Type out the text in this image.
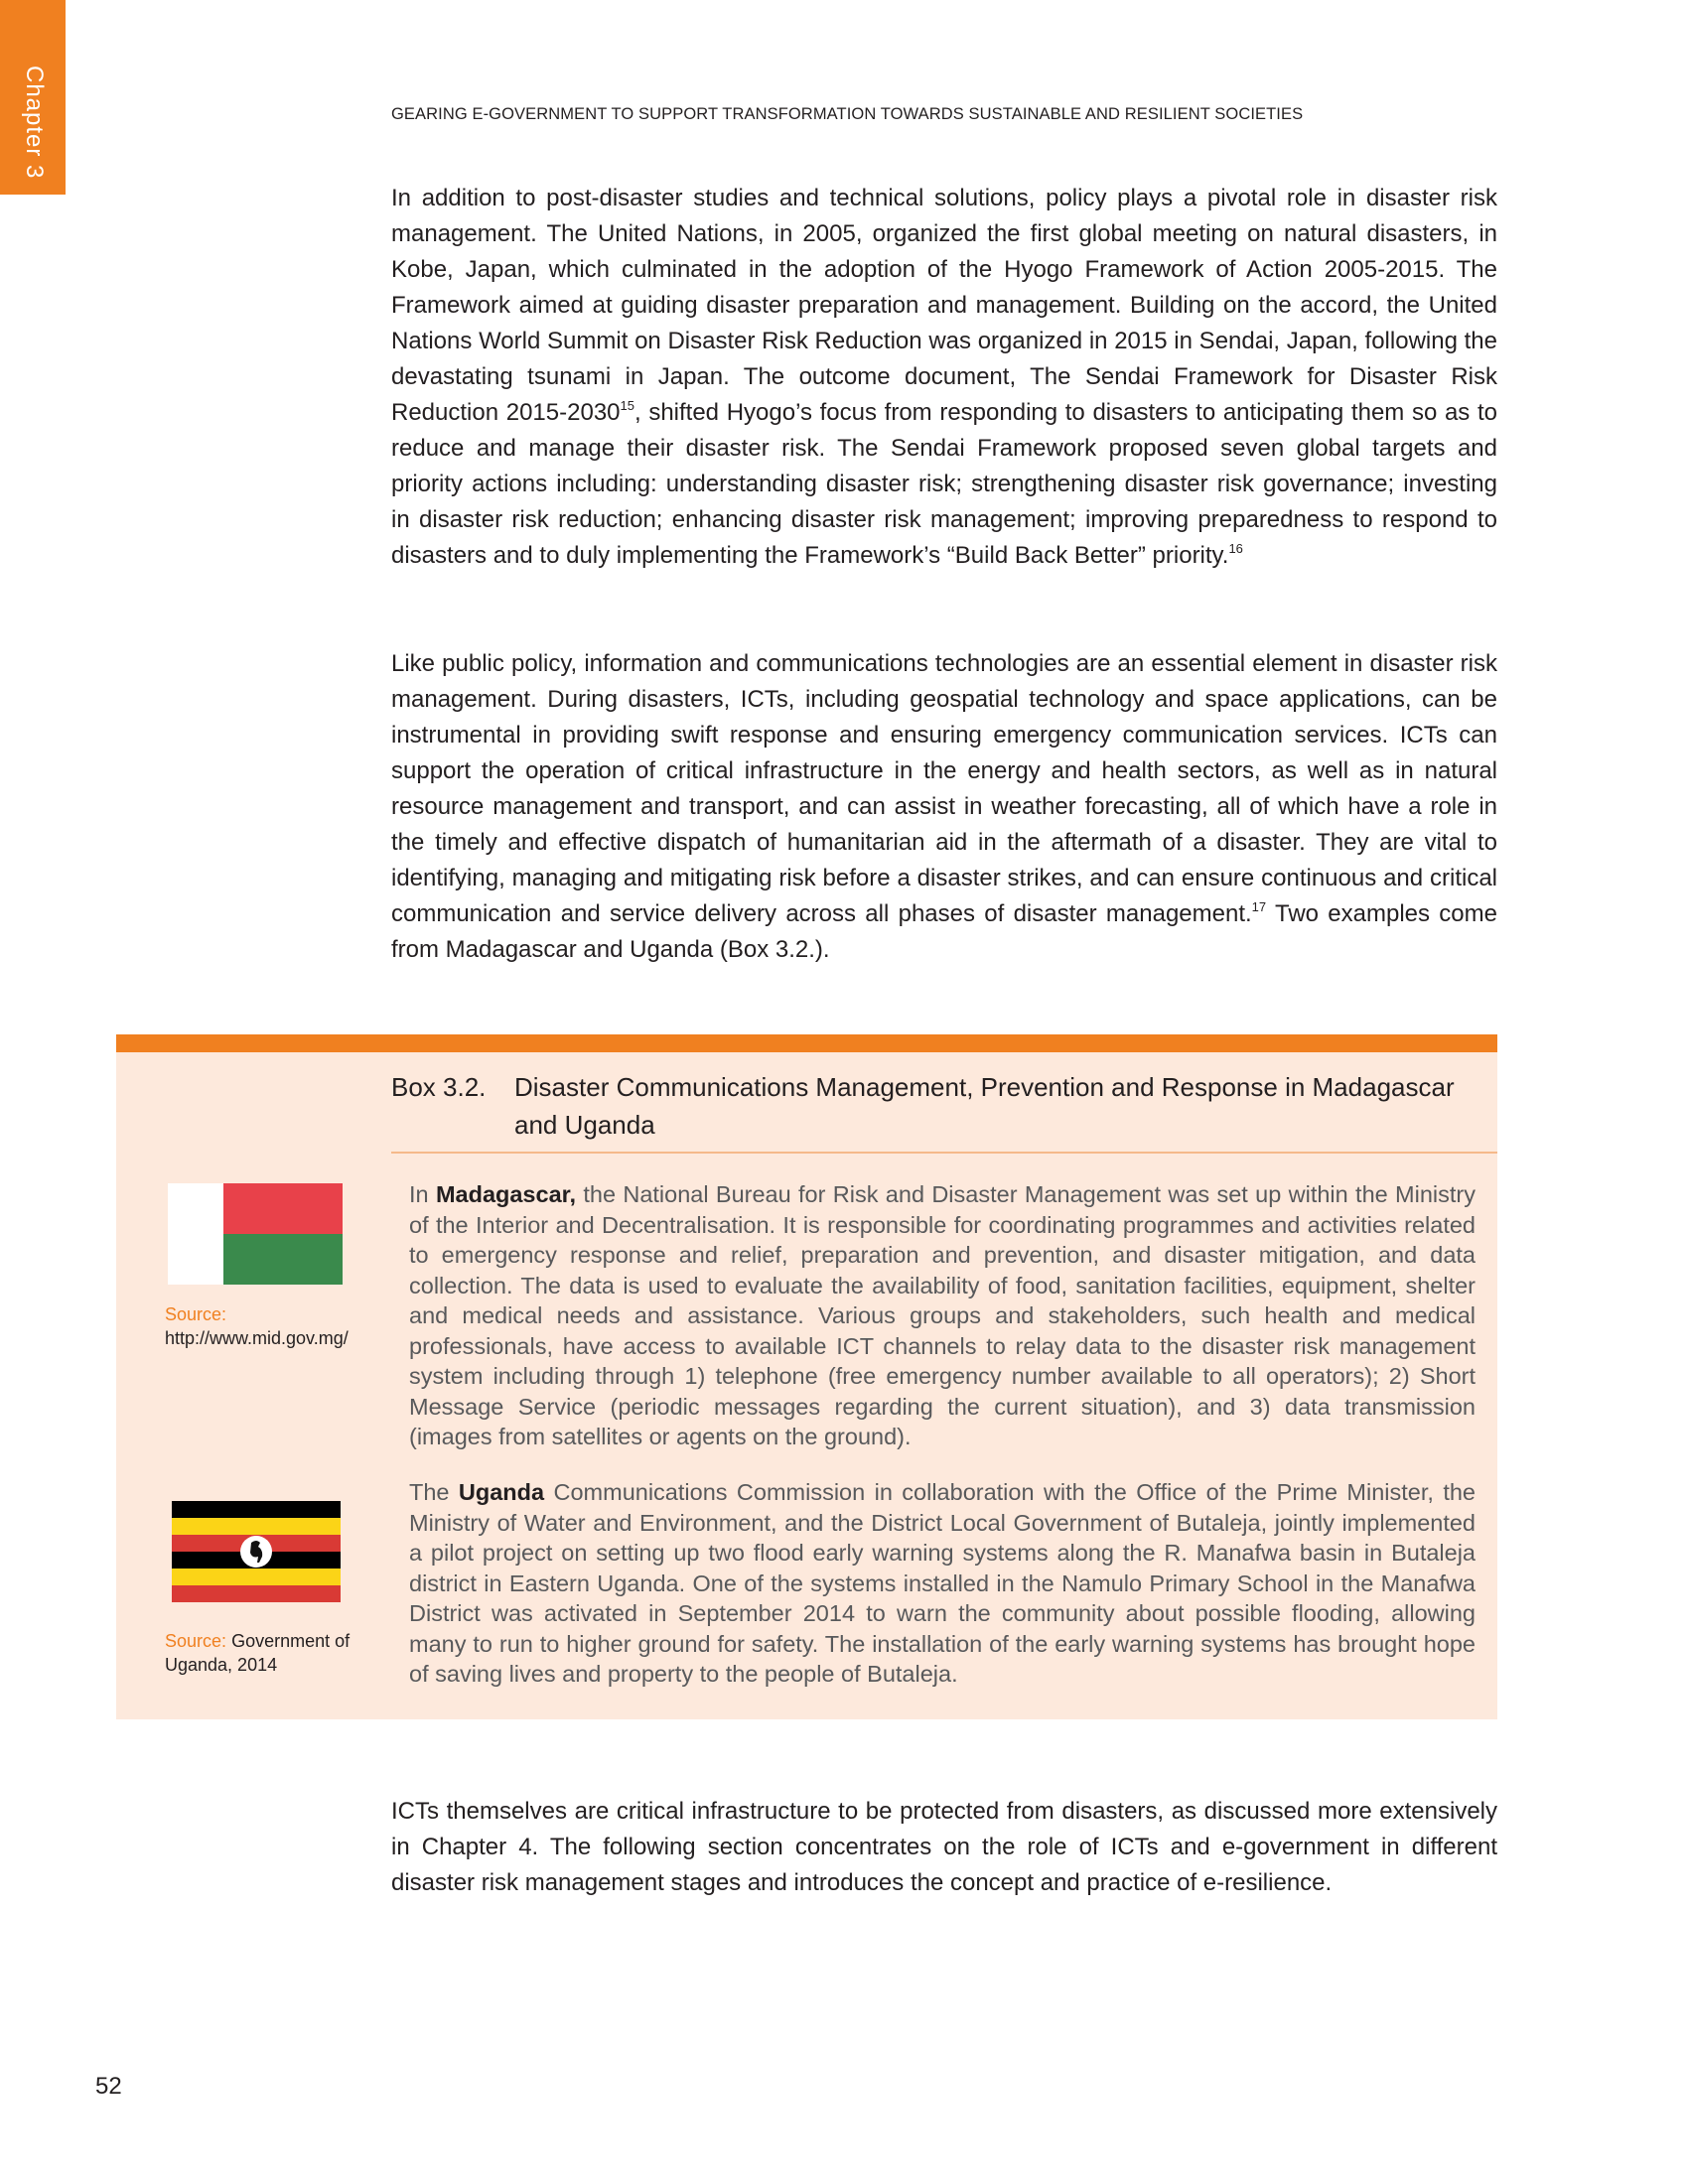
Chapter 3	GEARING E-GOVERNMENT TO SUPPORT TRANSFORMATION TOWARDS SUSTAINABLE AND RESILIENT SOCIETIES

In addition to post-disaster studies and technical solutions, policy plays a pivotal role in disaster risk management. The United Nations, in 2005, organized the first global meeting on natural disasters, in Kobe, Japan, which culminated in the adoption of the Hyogo Framework of Action 2005-2015. The Framework aimed at guiding disaster preparation and management. Building on the accord, the United Nations World Summit on Disaster Risk Reduction was organized in 2015 in Sendai, Japan, following the devastating tsunami in Japan. The outcome document, The Sendai Framework for Disaster Risk Reduction 2015-2030$^{15}$, shifted Hyogo’s focus from responding to disasters to anticipating them so as to reduce and manage their disaster risk. The Sendai Framework proposed seven global targets and priority actions including: understanding disaster risk; strengthening disaster risk governance; investing in disaster risk reduction; enhancing disaster risk management; improving preparedness to respond to disasters and to duly implementing the Framework’s “Build Back Better” priority.$^{16}$

Like public policy, information and communications technologies are an essential element in disaster risk management. During disasters, ICTs, including geospatial technology and space applications, can be instrumental in providing swift response and ensuring emergency communication services. ICTs can support the operation of critical infrastructure in the energy and health sectors, as well as in natural resource management and transport, and can assist in weather forecasting, all of which have a role in the timely and effective dispatch of humanitarian aid in the aftermath of a disaster. They are vital to identifying, managing and mitigating risk before a disaster strikes, and can ensure continuous and critical communication and service delivery across all phases of disaster management.$^{17}$ Two examples come from Madagascar and Uganda (Box 3.2.).

Box 3.2. Disaster Communications Management, Prevention and Response in Madagascar and Uganda
Source: http://www.mid.gov.mg/
Source: Government of Uganda, 2014

In Madagascar, the National Bureau for Risk and Disaster Management was set up within the Ministry of the Interior and Decentralisation. It is responsible for coordinating programmes and activities related to emergency response and relief, preparation and prevention, and disaster mitigation, and data collection. The data is used to evaluate the availability of food, sanitation facilities, equipment, shelter and medical needs and assistance. Various groups and stakeholders, such health and medical professionals, have access to available ICT channels to relay data to the disaster risk management system including through 1) telephone (free emergency number available to all operators); 2) Short Message Service (periodic messages regarding the current situation), and 3) data transmission (images from satellites or agents on the ground).

The Uganda Communications Commission in collaboration with the Office of the Prime Minister, the Ministry of Water and Environment, and the District Local Government of Butaleja, jointly implemented a pilot project on setting up two flood early warning systems along the R. Manafwa basin in Butaleja district in Eastern Uganda. One of the systems installed in the Namulo Primary School in the Manafwa District was activated in September 2014 to warn the community about possible flooding, allowing many to run to higher ground for safety. The installation of the early warning systems has brought hope of saving lives and property to the people of Butaleja.

ICTs themselves are critical infrastructure to be protected from disasters, as discussed more extensively in Chapter 4. The following section concentrates on the role of ICTs and e-government in different disaster risk management stages and introduces the concept and practice of e-resilience.

52
